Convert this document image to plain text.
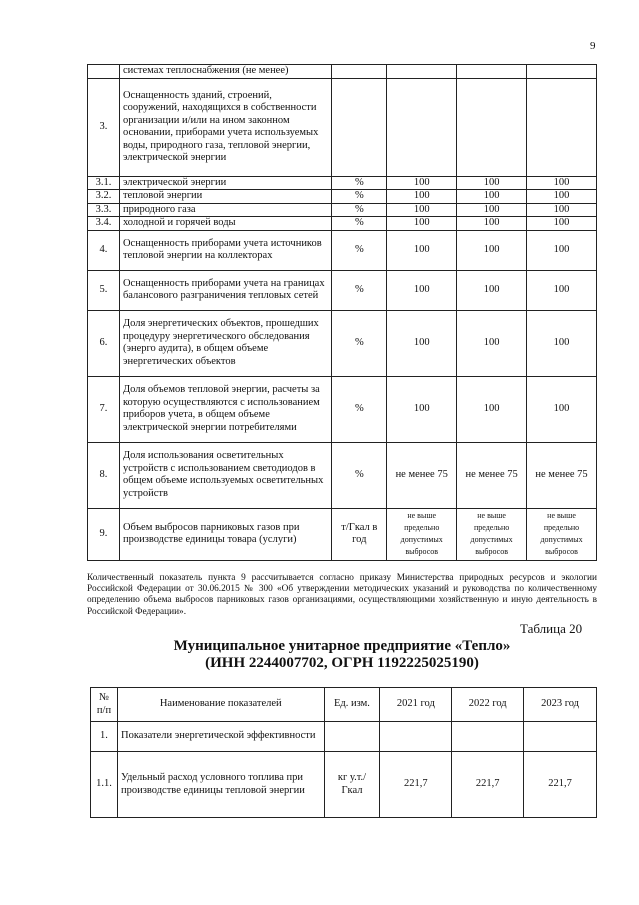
9
	системах теплоснабжения (не менее)				
3.	Оснащенность зданий, строений, сооружений, находящихся в собственности организации и/или на ином законном основании, приборами учета используемых воды, природного газа, тепловой энергии, электрической энергии				
3.1.	электрической энергии	%	100	100	100
3.2.	тепловой энергии	%	100	100	100
3.3.	природного газа	%	100	100	100
3.4.	холодной и горячей воды	%	100	100	100
4.	Оснащенность приборами учета источников тепловой энергии на коллекторах	%	100	100	100
5.	Оснащенность приборами учета на границах балансового разграничения тепловых сетей	%	100	100	100
6.	Доля энергетических объектов, прошедших процедуру энергетического обследования (энерго аудита), в общем объеме энергетических объектов	%	100	100	100
7.	Доля объемов тепловой энергии, расчеты за которую осуществляются с использованием приборов учета, в общем объеме электрической энергии потребителями	%	100	100	100
8.	Доля использования осветительных устройств с использованием светодиодов в общем объеме используемых осветительных устройств	%	не менее 75	не менее 75	не менее 75
9.	Объем выбросов парниковых газов при производстве единицы товара (услуги)	т/Гкал в год	не выше предельно допустимых выбросов	не выше предельно допустимых выбросов	не выше предельно допустимых выбросов
Количественный показатель пункта 9 рассчитывается согласно приказу Министерства природных ресурсов и экологии Российской Федерации от 30.06.2015 № 300 «Об утверждении методических указаний и руководства по количественному определению объема выбросов парниковых газов организациями, осуществляющими хозяйственную и иную деятельность в Российской Федерации».
Таблица 20
Муниципальное унитарное предприятие «Тепло»
(ИНН 2244007702, ОГРН 1192225025190)
№ п/п	Наименование показателей	Ед. изм.	2021 год	2022 год	2023 год
1.	Показатели энергетической эффективности				
1.1.	Удельный расход условного топлива при производстве единицы тепловой энергии	кг у.т./ Гкал	221,7	221,7	221,7
